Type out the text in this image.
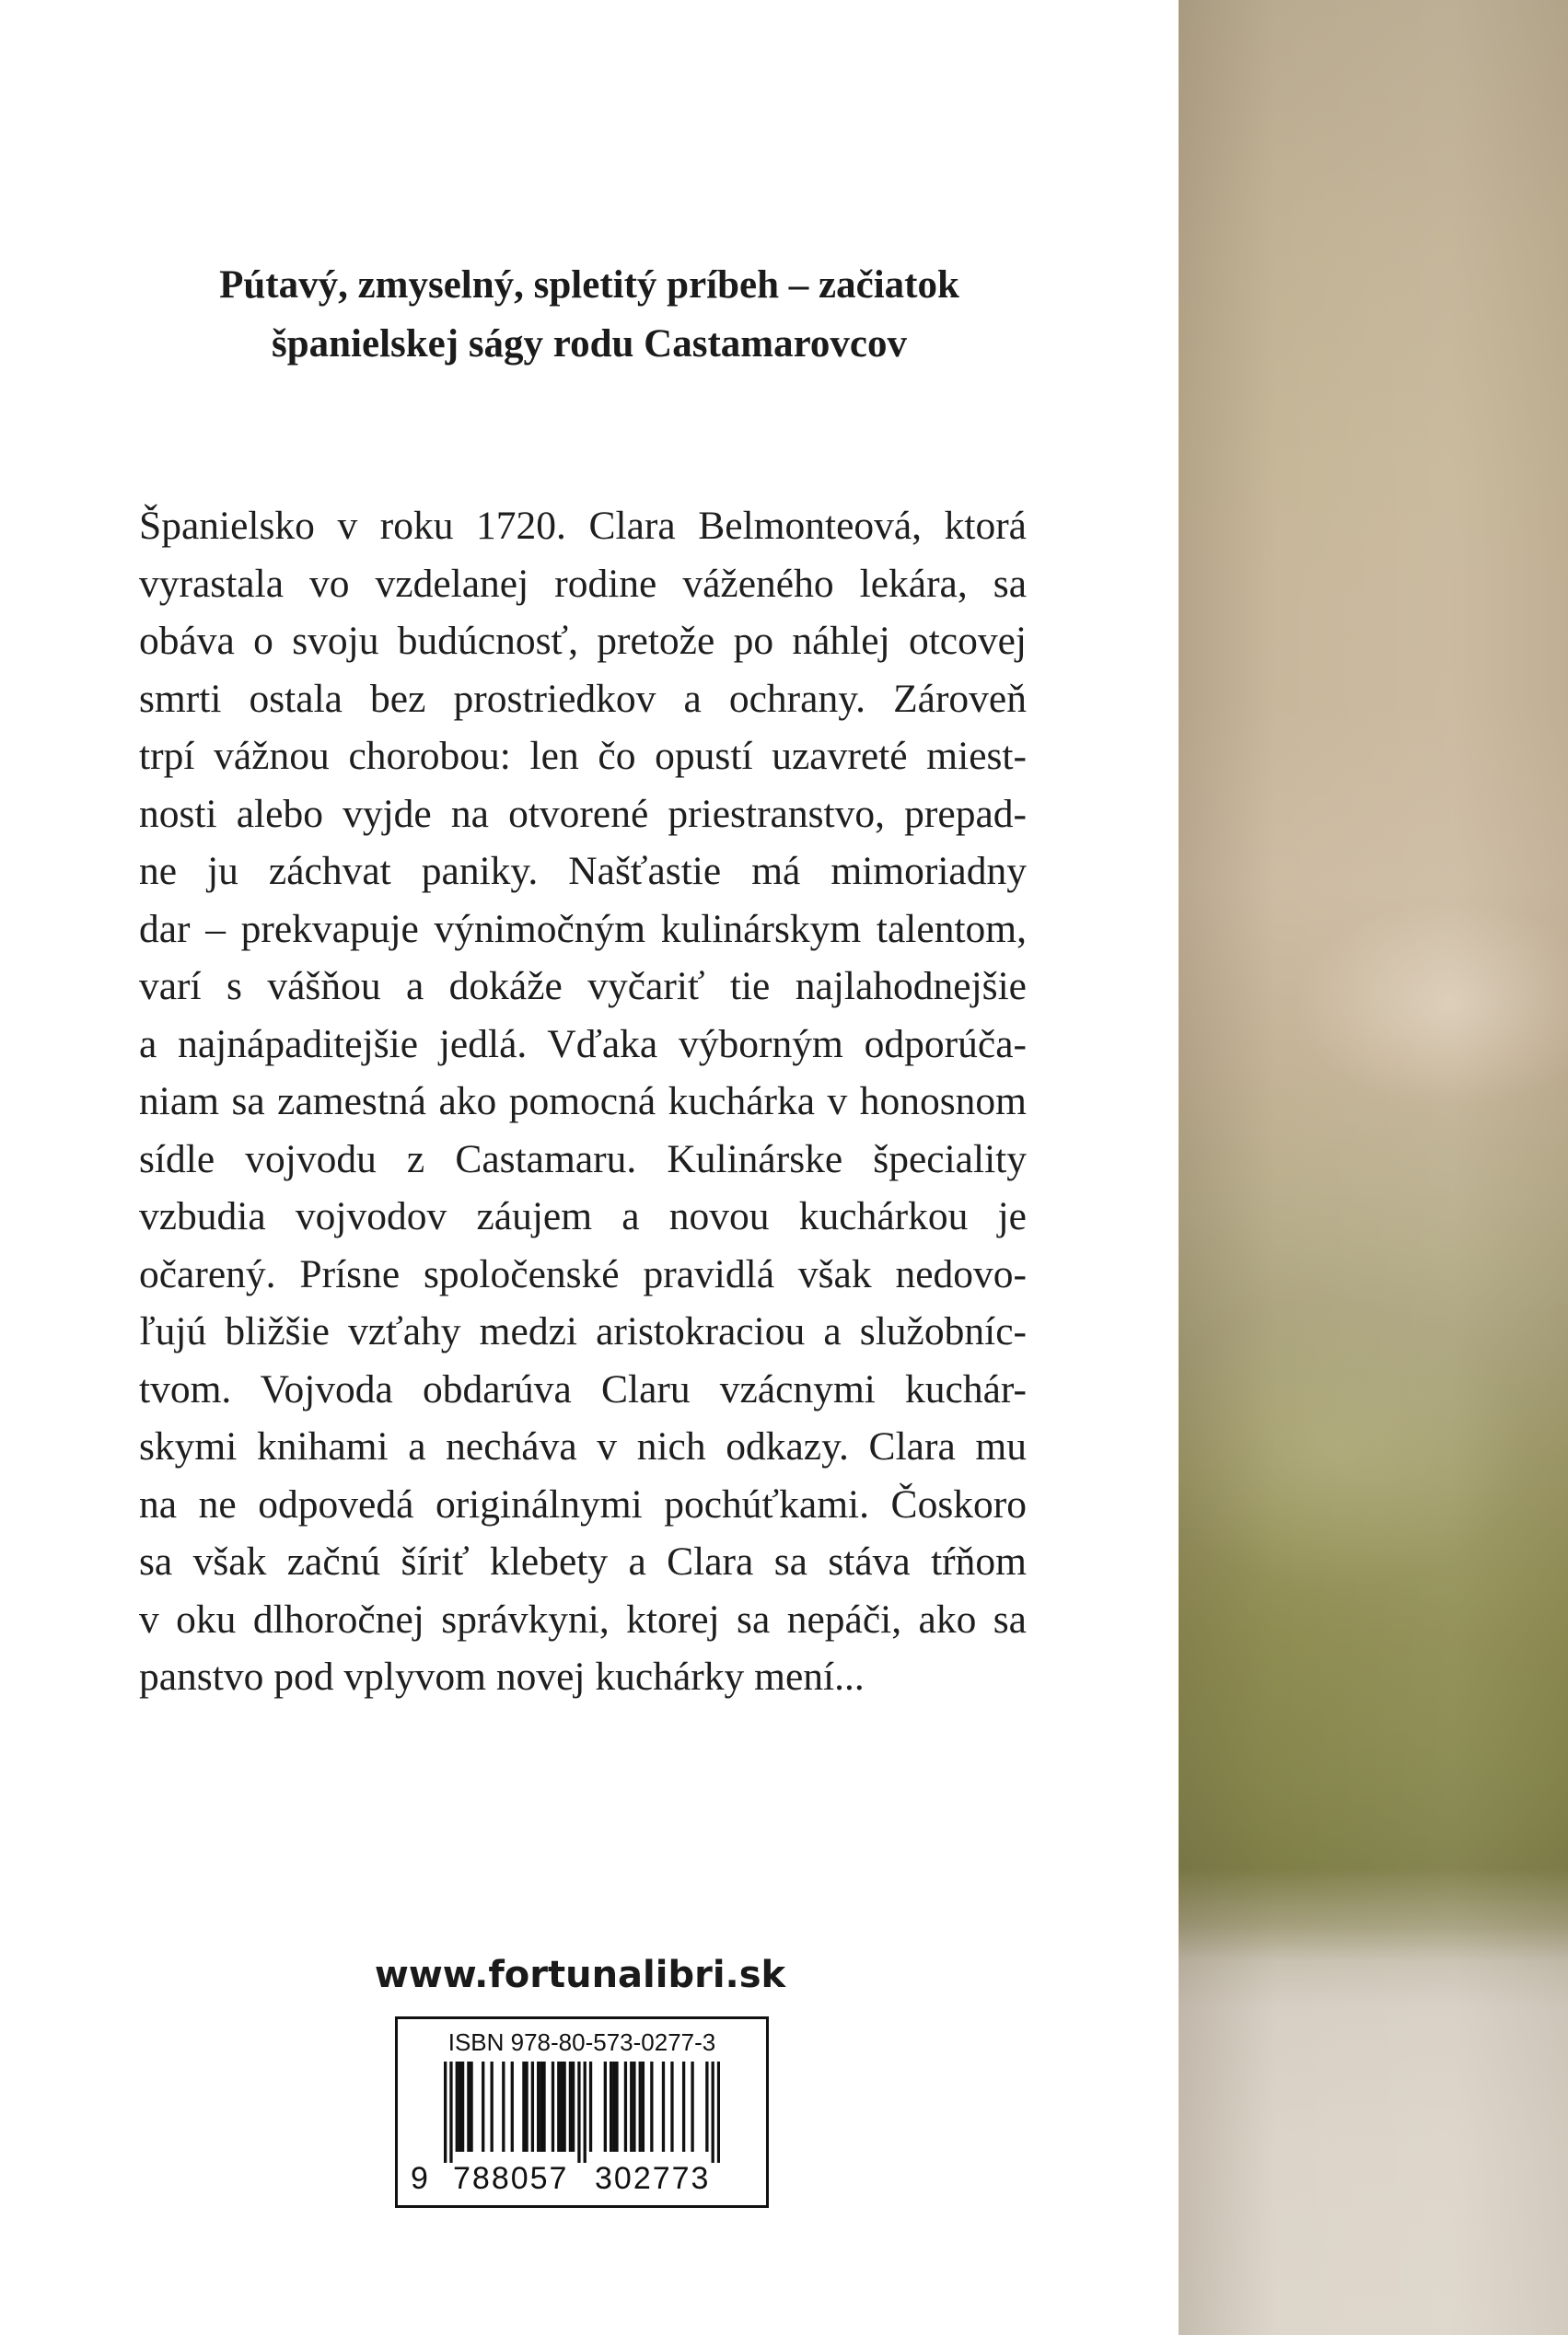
Pútavý, zmyselný, spletitý príbeh – začiatok
španielskej ságy rodu Castamarovcov
Španielsko v roku 1720. Clara Belmonteová, ktorá
vyrastala vo vzdelanej rodine váženého lekára, sa
obáva o svoju budúcnosť, pretože po náhlej otcovej
smrti ostala bez prostriedkov a ochrany. Zároveň
trpí vážnou chorobou: len čo opustí uzavreté miest-
nosti alebo vyjde na otvorené priestranstvo, prepad-
ne ju záchvat paniky. Našťastie má mimoriadny
dar – prekvapuje výnimočným kulinárskym talentom,
varí s vášňou a dokáže vyčariť tie najlahodnejšie
a najnápaditejšie jedlá. Vďaka výborným odporúča-
niam sa zamestná ako pomocná kuchárka v honosnom
sídle vojvodu z Castamaru. Kulinárske špeciality
vzbudia vojvodov záujem a novou kuchárkou je
očarený. Prísne spoločenské pravidlá však nedovo-
ľujú bližšie vzťahy medzi aristokraciou a služobníc-
tvom. Vojvoda obdarúva Claru vzácnymi kuchár-
skymi knihami a necháva v nich odkazy. Clara mu
na ne odpovedá originálnymi pochúťkami. Čoskoro
sa však začnú šíriť klebety a Clara sa stáva tŕňom
v oku dlhoročnej správkyni, ktorej sa nepáči, ako sa
panstvo pod vplyvom novej kuchárky mení...
www.fortunalibri.sk
ISBN 978-80-573-0277-3
9 788057 302773
